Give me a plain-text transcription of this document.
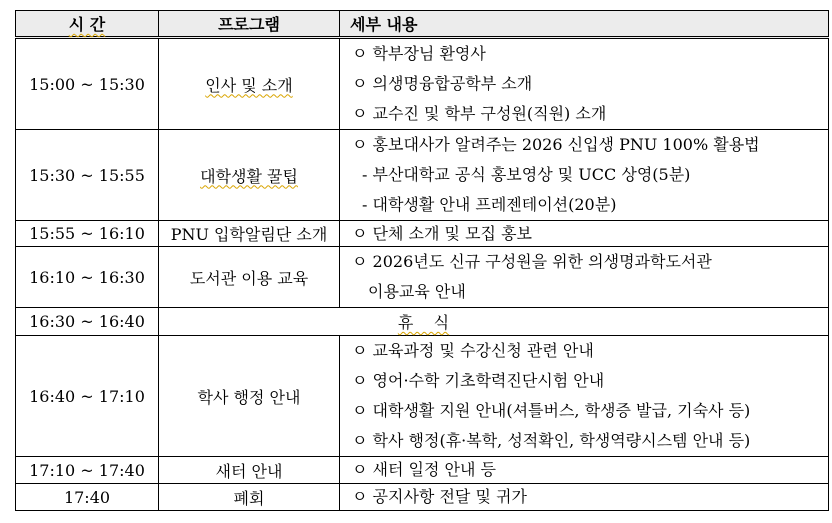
시 간	프로그램	세부 내용
15:00 ~ 15:30	인사 및 소개	ㅇ 학부장님 환영사
ㅇ 의생명융합공학부 소개
ㅇ 교수진 및 학부 구성원(직원) 소개

15:30 ~ 15:55	대학생활 꿀팁	ㅇ 홍보대사가 알려주는 2026 신입생 PNU 100% 활용법
- 부산대학교 공식 홍보영상 및 UCC 상영(5분)
- 대학생활 안내 프레젠테이션(20분)

15:55 ~ 16:10	PNU 입학알림단 소개	ㅇ 단체 소개 및 모집 홍보

16:10 ~ 16:30	도서관 이용 교육	ㅇ 2026년도 신규 구성원을 위한 의생명과학도서관
이용교육 안내

16:30 ~ 16:40	휴    식	
16:40 ~ 17:10	학사 행정 안내	ㅇ 교육과정 및 수강신청 관련 안내
ㅇ 영어·수학 기초학력진단시험 안내
ㅇ 대학생활 지원 안내(셔틀버스, 학생증 발급, 기숙사 등)
ㅇ 학사 행정(휴·복학, 성적확인, 학생역량시스템 안내 등)

17:10 ~ 17:40	새터 안내	ㅇ 새터 일정 안내 등

17:40	폐회	ㅇ 공지사항 전달 및 귀가
